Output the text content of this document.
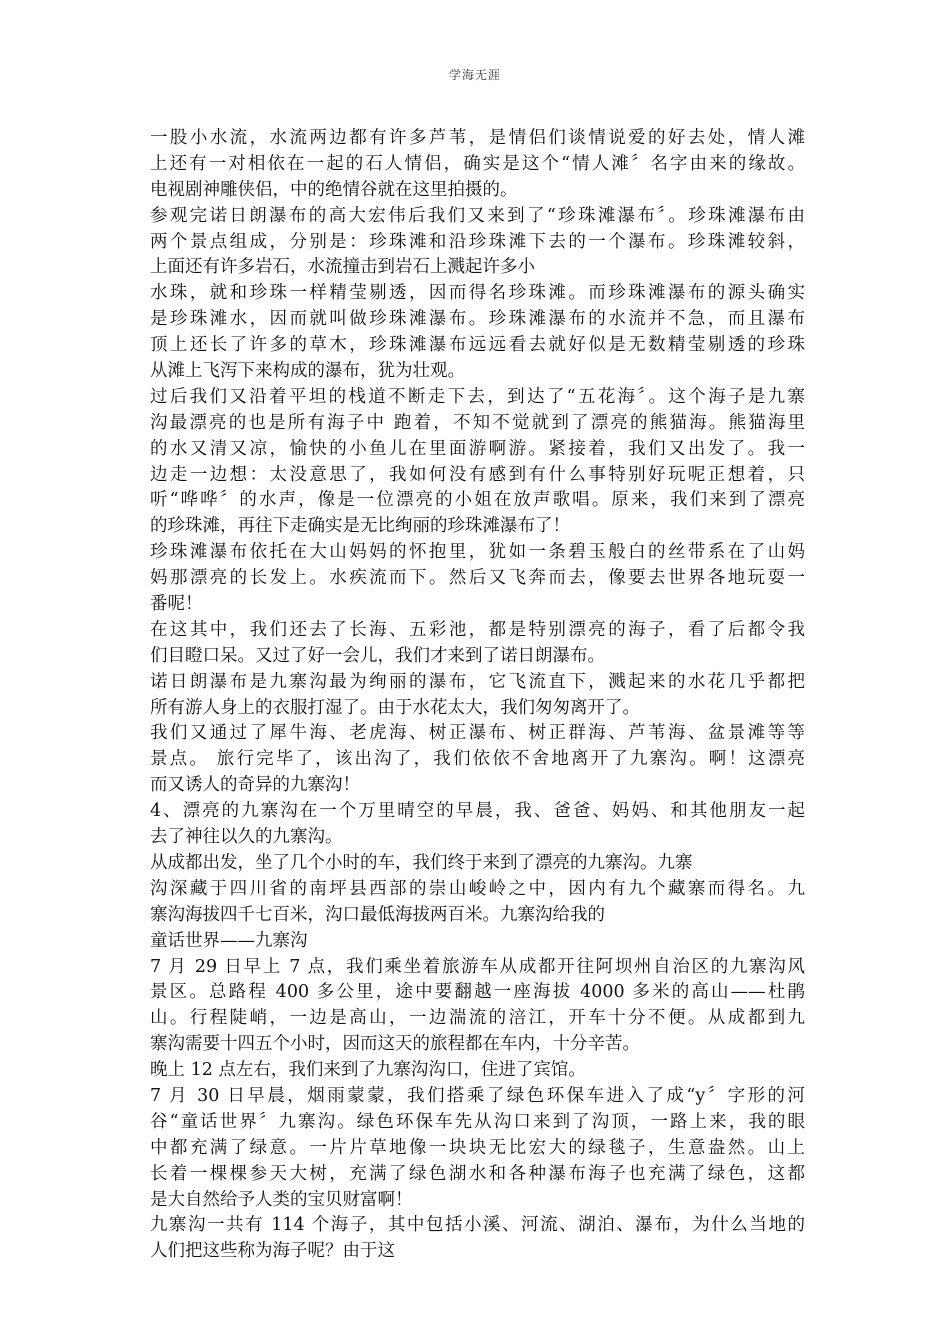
学海无涯
一股小水流，水流两边都有许多芦苇，是情侣们谈情说爱的好去处，情人滩
上还有一对相依在一起的石人情侣，确实是这个“情人滩〞名字由来的缘故。
电视剧神雕侠侣，中的绝情谷就在这里拍摄的。
参观完诺日朗瀑布的高大宏伟后我们又来到了“珍珠滩瀑布〞。珍珠滩瀑布由
两个景点组成，分别是：珍珠滩和沿珍珠滩下去的一个瀑布。珍珠滩较斜，
上面还有许多岩石，水流撞击到岩石上溅起许多小
水珠，就和珍珠一样精莹剔透，因而得名珍珠滩。而珍珠滩瀑布的源头确实
是珍珠滩水，因而就叫做珍珠滩瀑布。珍珠滩瀑布的水流并不急，而且瀑布
顶上还长了许多的草木，珍珠滩瀑布远远看去就好似是无数精莹剔透的珍珠
从滩上飞泻下来构成的瀑布，犹为壮观。
过后我们又沿着平坦的栈道不断走下去，到达了“五花海〞。这个海子是九寨
沟最漂亮的也是所有海子中 跑着，不知不觉就到了漂亮的熊猫海。熊猫海里
的水又清又凉，愉快的小鱼儿在里面游啊游。紧接着，我们又出发了。我一
边走一边想：太没意思了，我如何没有感到有什么事特别好玩呢正想着，只
听“哗哗〞的水声，像是一位漂亮的小姐在放声歌唱。原来，我们来到了漂亮
的珍珠滩，再往下走确实是无比绚丽的珍珠滩瀑布了！
珍珠滩瀑布依托在大山妈妈的怀抱里，犹如一条碧玉般白的丝带系在了山妈
妈那漂亮的长发上。水疾流而下。然后又飞奔而去，像要去世界各地玩耍一
番呢！
在这其中，我们还去了长海、五彩池，都是特别漂亮的海子，看了后都令我
们目瞪口呆。又过了好一会儿，我们才来到了诺日朗瀑布。
诺日朗瀑布是九寨沟最为绚丽的瀑布，它飞流直下，溅起来的水花几乎都把
所有游人身上的衣服打湿了。由于水花太大，我们匆匆离开了。
我们又通过了犀牛海、老虎海、树正瀑布、树正群海、芦苇海、盆景滩等等
景点。 旅行完毕了，该出沟了，我们依依不舍地离开了九寨沟。啊！这漂亮
而又诱人的奇异的九寨沟！
4、漂亮的九寨沟在一个万里晴空的早晨，我、爸爸、妈妈、和其他朋友一起
去了神往以久的九寨沟。
从成都出发，坐了几个小时的车，我们终于来到了漂亮的九寨沟。九寨
沟深藏于四川省的南坪县西部的崇山峻岭之中，因内有九个藏寨而得名。九
寨沟海拔四千七百米，沟口最低海拔两百米。九寨沟给我的
童话世界——九寨沟
7 月 29 日早上 7 点，我们乘坐着旅游车从成都开往阿坝州自治区的九寨沟风
景区。总路程 400 多公里，途中要翻越一座海拔 4000 多米的高山——杜鹃
山。行程陡峭，一边是高山，一边湍流的涪江，开车十分不便。从成都到九
寨沟需要十四五个小时，因而这天的旅程都在车内，十分辛苦。
晚上 12 点左右，我们来到了九寨沟沟口，住进了宾馆。
7 月 30 日早晨，烟雨蒙蒙，我们搭乘了绿色环保车进入了成“y〞字形的河
谷“童话世界〞九寨沟。绿色环保车先从沟口来到了沟顶，一路上来，我的眼
中都充满了绿意。一片片草地像一块块无比宏大的绿毯子，生意盎然。山上
长着一棵棵参天大树，充满了绿色湖水和各种瀑布海子也充满了绿色，这都
是大自然给予人类的宝贝财富啊！
九寨沟一共有 114 个海子，其中包括小溪、河流、湖泊、瀑布，为什么当地的
人们把这些称为海子呢？由于这
